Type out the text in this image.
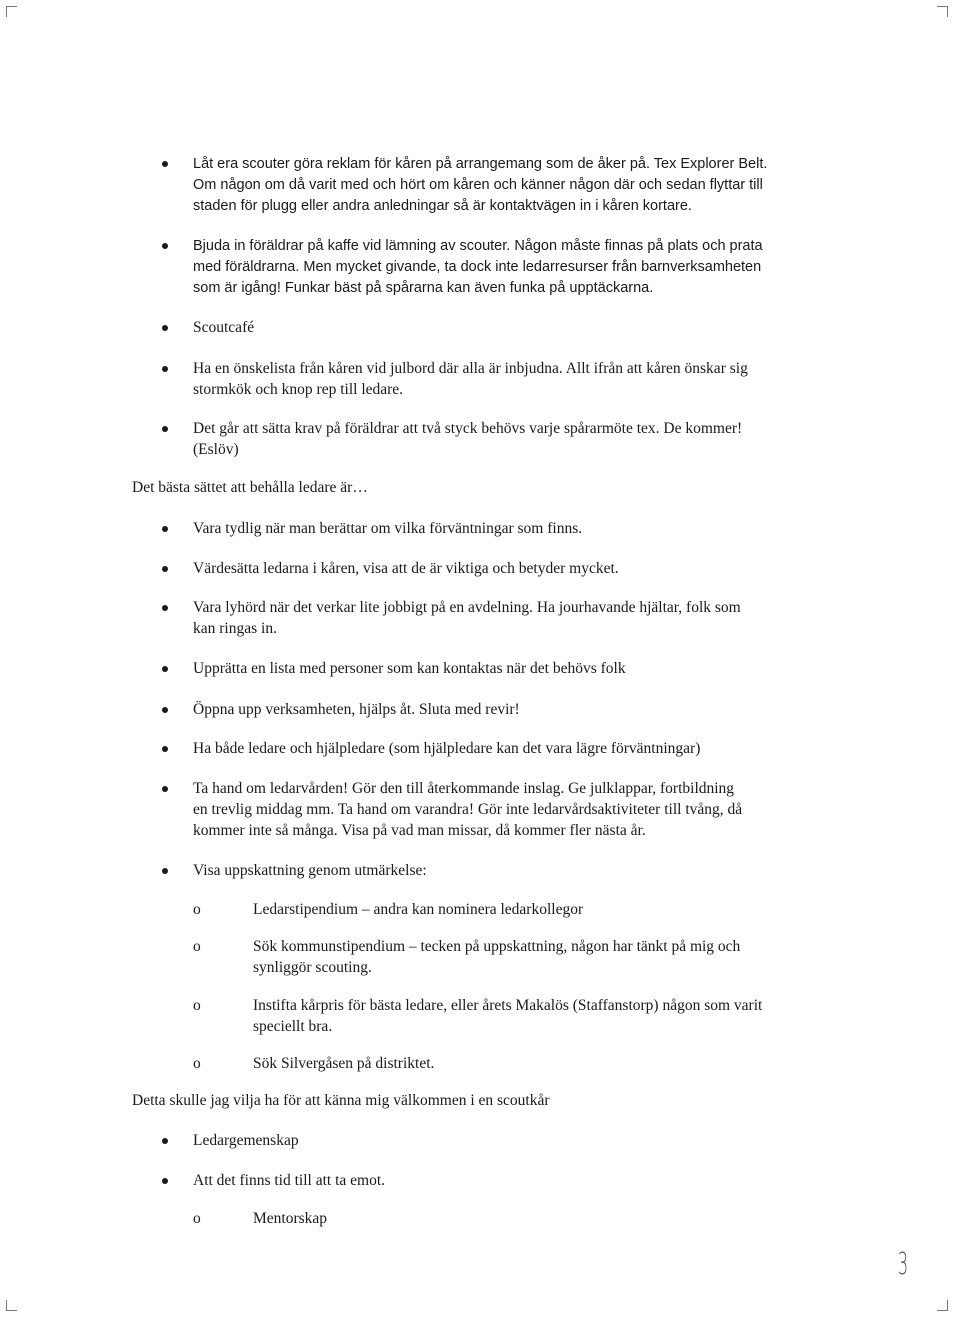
Låt era scouter göra reklam för kåren på arrangemang som de åker på. Tex Explorer Belt.
Om någon om då varit med och hört om kåren och känner någon där och sedan flyttar till
staden för plugg eller andra anledningar så är kontaktvägen in i kåren kortare.
Bjuda in föräldrar på kaffe vid lämning av scouter. Någon måste finnas på plats och prata
med föräldrarna. Men mycket givande, ta dock inte ledarresurser från barnverksamheten
som är igång! Funkar bäst på spårarna kan även funka på upptäckarna.
Scoutcafé
Ha en önskelista från kåren vid julbord där alla är inbjudna. Allt ifrån att kåren önskar sig
stormkök och knop rep till ledare.
Det går att sätta krav på föräldrar att två styck behövs varje spårarmöte tex. De kommer!
(Eslöv)
Det bästa sättet att behålla ledare är…
Vara tydlig när man berättar om vilka förväntningar som finns.
Värdesätta ledarna i kåren, visa att de är viktiga och betyder mycket.
Vara lyhörd när det verkar lite jobbigt på en avdelning. Ha jourhavande hjältar, folk som
kan ringas in.
Upprätta en lista med personer som kan kontaktas när det behövs folk
Öppna upp verksamheten, hjälps åt. Sluta med revir!
Ha både ledare och hjälpledare (som hjälpledare kan det vara lägre förväntningar)
Ta hand om ledarvården! Gör den till återkommande inslag. Ge julklappar, fortbildning
en trevlig middag mm. Ta hand om varandra! Gör inte ledarvårdsaktiviteter till tvång, då
kommer inte så många. Visa på vad man missar, då kommer fler nästa år.
Visa uppskattning genom utmärkelse:
o	Ledarstipendium – andra kan nominera ledarkollegor
o	Sök kommunstipendium – tecken på uppskattning, någon har tänkt på mig och
synliggör scouting.
o	Instifta kårpris för bästa ledare, eller årets Makalös (Staffanstorp) någon som varit
speciellt bra.
o	Sök Silvergåsen på distriktet.
Detta skulle jag vilja ha för att känna mig välkommen i en scoutkår
Ledargemenskap
Att det finns tid till att ta emot.
o	Mentorskap
3
